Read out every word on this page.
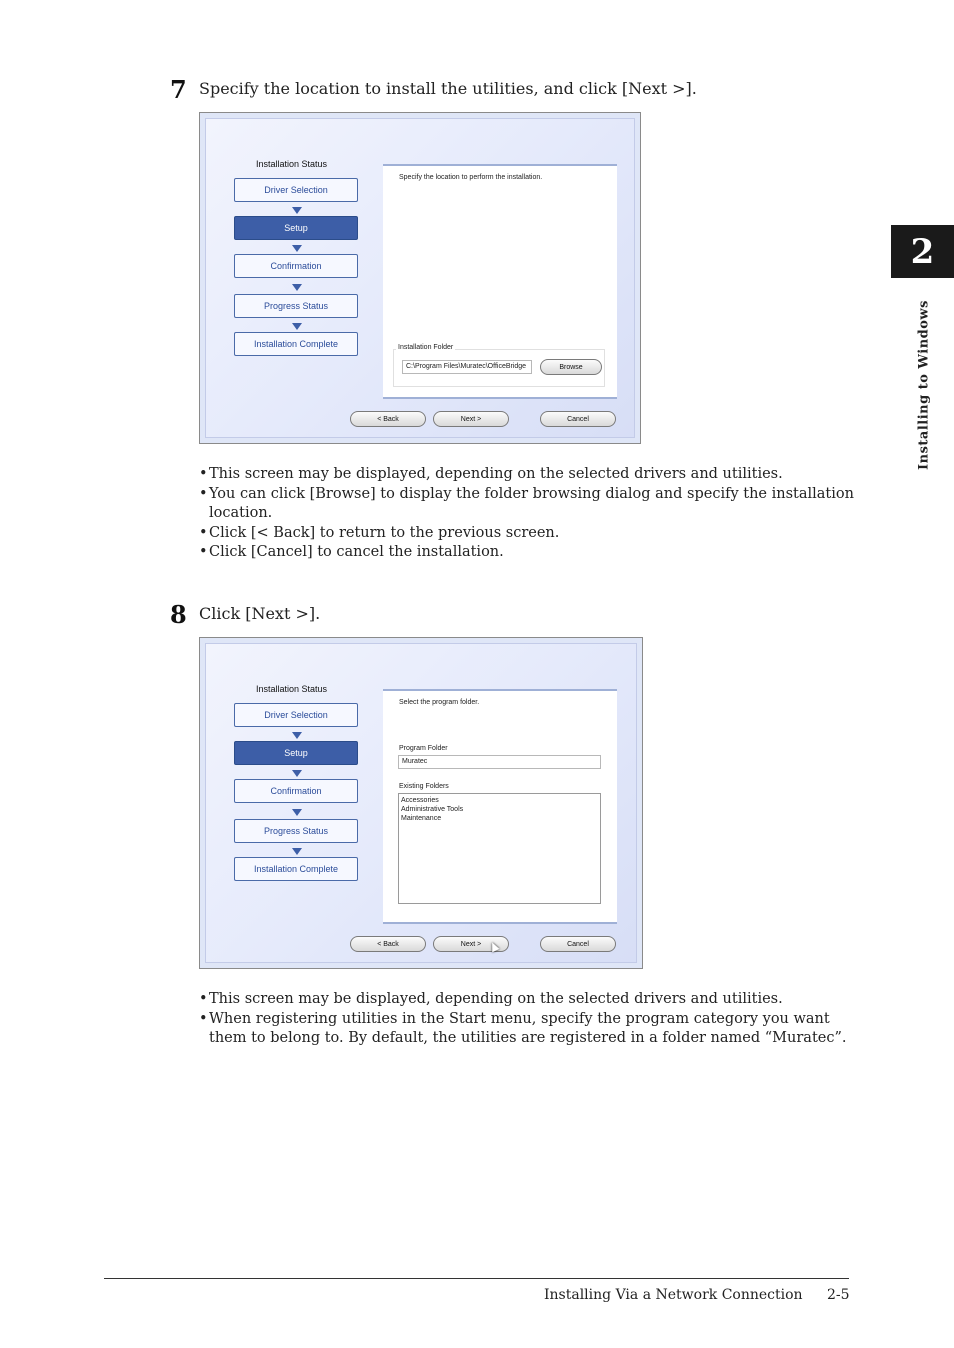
7 Specify the location to install the utilities, and click [Next >].
Installation Status
Driver Selection
Setup
Confirmation
Progress Status
Installation Complete
Specify the location to perform the installation.
Installation Folder
C:\Program Files\Muratec\OfficeBridge	Browse
< Back	Next >	Cancel
• This screen may be displayed, depending on the selected drivers and utilities.
• You can click [Browse] to display the folder browsing dialog and specify the installation location.
• Click [< Back] to return to the previous screen.
• Click [Cancel] to cancel the installation.
8 Click [Next >].
Installation Status
Driver Selection
Setup
Confirmation
Progress Status
Installation Complete
Select the program folder.
Program Folder
Muratec
Existing Folders
Accessories
Administrative Tools
Maintenance
< Back	Next >	Cancel
• This screen may be displayed, depending on the selected drivers and utilities.
• When registering utilities in the Start menu, specify the program category you want them to belong to. By default, the utilities are registered in a folder named “Muratec”.
2
Installing to Windows
Installing Via a Network Connection 2-5
